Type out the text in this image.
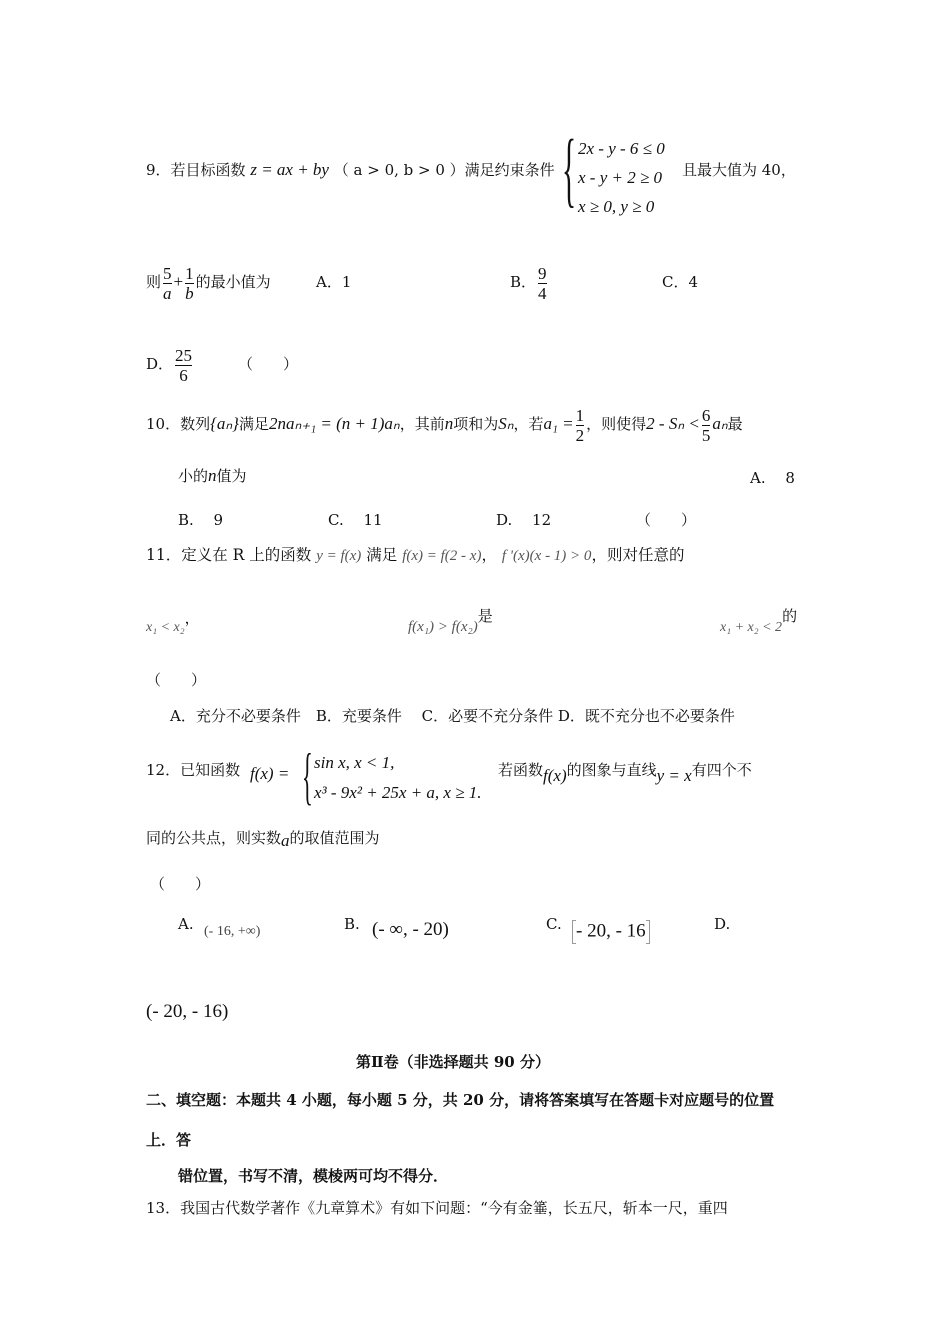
9．若目标函数 z = ax + by （ a > 0, b > 0 ）满足约束条件 { 2x - y - 6 ≤ 0
x - y + 2 ≥ 0
x ≥ 0, y ≥ 0
且最大值为 40，
则 $\frac{5}{a} + \frac{1}{b}$ 的最小值为	A．1	B． $\frac{9}{4}$	C．4
D． $\frac{25}{6}$	（　　）
10．数列{aₙ}满足2naₙ₊₁ = (n + 1)aₙ，其前n项和为Sₙ，若$a_1 = \frac{1}{2}$ ，则使得$2 - S_n < \frac{6}{5}$ aₙ最
小的n值为	A.　 8
B.　 9	C.　 11	D.　 12	（　　）
11．定义在 R 上的函数 y = f(x) 满足 f(x) = f(2 - x)， f '(x)(x - 1) > 0，则对任意的
x₁ < x₂，	f(x₁) > f(x₂)是
x₁ + x₂ < 2的
（　　）
A．充分不必要条件　B．充要条件　 C．必要不充分条件 D．既不充分也不必要条件
12．已知函数 f(x) = { sin x, x < 1,
x³ - 9x² + 25x + a, x ≥ 1.
若函数f(x)的图象与直线y = x有四个不
同的公共点，则实数a的取值范围为
（　　）
A. (- 16, +∞)	B. (- ∞, - 20)	C. - 20, - 16	D.
(- 20, - 16)
第Ⅱ卷（非选择题共 90 分）
二、填空题：本题共 4 小题，每小题 5 分，共 20 分，请将答案填写在答题卡对应题号的位置
上．答
错位置，书写不清，模棱两可均不得分．
13．我国古代数学著作《九章算术》有如下问题：“今有金箠，长五尺，斩本一尺，重四
